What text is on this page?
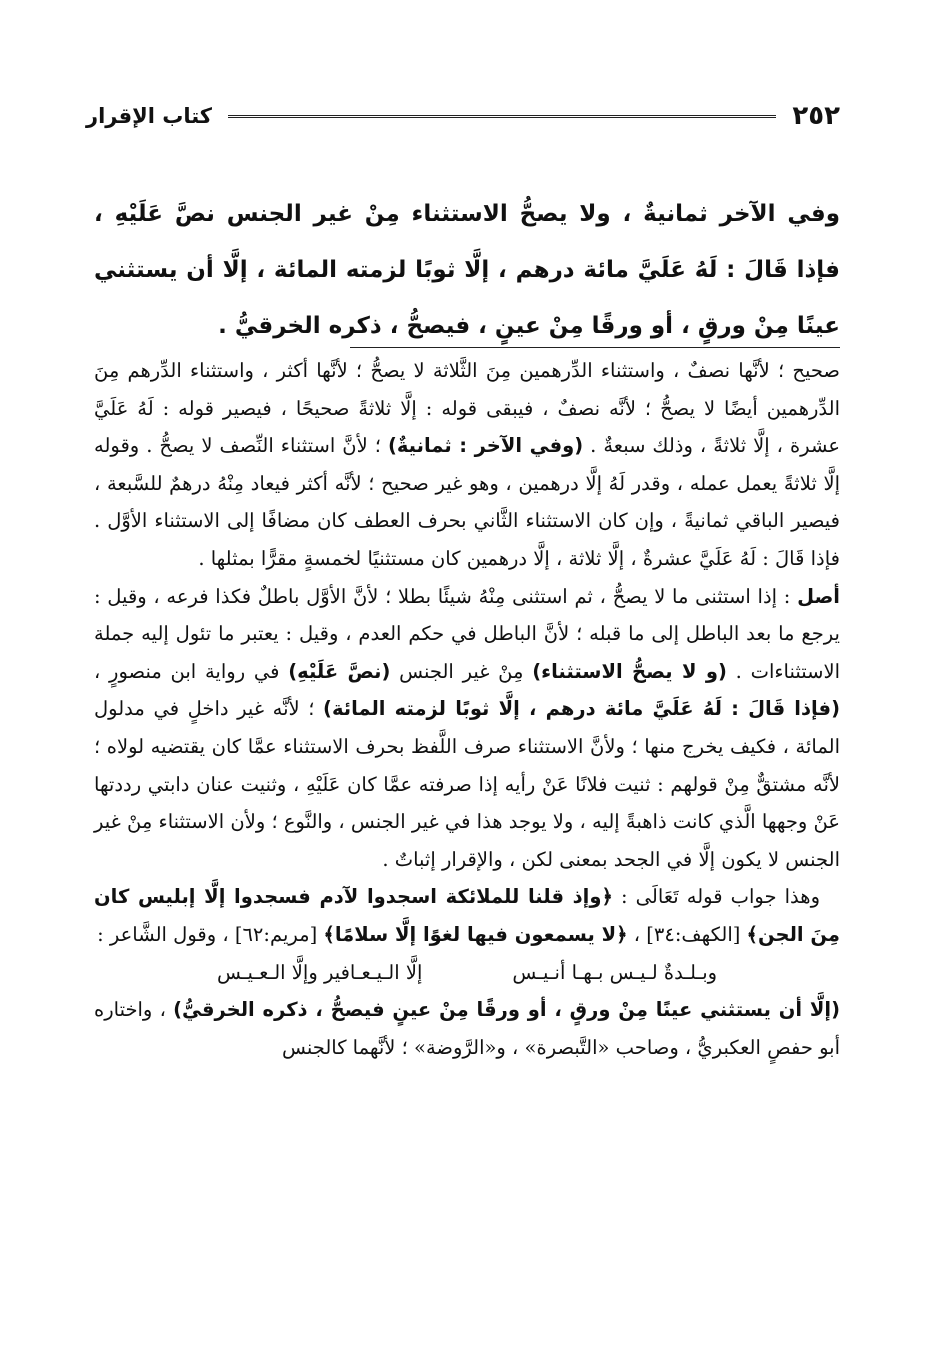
٢٥٢
كتاب الإقرار

وفي الآخر ثمانيةٌ ، ولا يصحُّ الاستثناء مِنْ غير الجنس نصَّ عَلَيْهِ ، فإذا قَالَ : لَهُ عَلَيَّ مائة درهم ، إلَّا ثوبًا لزمته المائة ، إلَّا أن يستثني عينًا مِنْ ورقٍ ، أو ورقًا مِنْ عينٍ ، فيصحُّ ، ذكره الخرقيُّ .

صحيح ؛ لأنَّها نصفٌ ، واستثناء الدِّرهمين مِنَ الثَّلاثة لا يصحُّ ؛ لأنَّها أكثر ، واستثناء الدِّرهم مِنَ الدِّرهمين أيضًا لا يصحُّ ؛ لأنَّه نصفٌ ، فيبقى قوله : إلَّا ثلاثةً صحيحًا ، فيصير قوله : لَهُ عَلَيَّ عشرة ، إلَّا ثلاثةً ، وذلك سبعةٌ . (وفي الآخر : ثمانيةٌ) ؛ لأنَّ استثناء النِّصف لا يصحُّ . وقوله إلَّا ثلاثةً يعمل عمله ، وقدر لَهُ إلَّا درهمين ، وهو غير صحيح ؛ لأنَّه أكثر فيعاد مِنْهُ درهمٌ للسَّبعة ، فيصير الباقي ثمانيةً ، وإن كان الاستثناء الثَّاني بحرف العطف كان مضافًا إلى الاستثناء الأوَّل . فإذا قَالَ : لَهُ عَلَيَّ عشرةٌ ، إلَّا ثلاثة ، إلَّا درهمين كان مستثنيًا لخمسةٍ مقرًّا بمثلها .

أصل : إذا استثنى ما لا يصحُّ ، ثم استثنى مِنْهُ شيئًا بطلا ؛ لأنَّ الأوَّل باطلٌ فكذا فرعه ، وقيل : يرجع ما بعد الباطل إلى ما قبله ؛ لأنَّ الباطل في حكم العدم ، وقيل : يعتبر ما تئول إليه جملة الاستثناءات . (و لا يصحُّ الاستثناء) مِنْ غير الجنس (نصَّ عَلَيْهِ) في رواية ابن منصورٍ ، (فإذا قَالَ : لَهُ عَلَيَّ مائة درهم ، إلَّا ثوبًا لزمته المائة) ؛ لأنَّه غير داخلٍ في مدلول المائة ، فكيف يخرج منها ؛ ولأنَّ الاستثناء صرف اللَّفظ بحرف الاستثناء عمَّا كان يقتضيه لولاه ؛ لأنَّه مشتقٌّ مِنْ قولهم : ثنيت فلانًا عَنْ رأيه إذا صرفته عمَّا كان عَلَيْهِ ، وثنيت عنان دابتي رددتها عَنْ وجهها الَّذي كانت ذاهبةً إليه ، ولا يوجد هذا في غير الجنس ، والنَّوع ؛ ولأن الاستثناء مِنْ غير الجنس لا يكون إلَّا في الجحد بمعنى لكن ، والإقرار إثباتٌ .

وهذا جواب قوله تَعَالَى : ﴿وإذ قلنا للملائكة اسجدوا لآدم فسجدوا إلَّا إبليس كان مِنَ الجن﴾ [الكهف:٣٤] ، ﴿لا يسمعون فيها لغوًا إلَّا سلامًا﴾ [مريم:٦٢] ، وقول الشَّاعر :

وبـلـدةٌ لـيـس بـهـا أنـيـس
إلَّا الـيـعـافير وإلَّا الـعـيـس

(إلَّا أن يستثني عينًا مِنْ ورقٍ ، أو ورقًا مِنْ عينٍ فيصحُّ ، ذكره الخرقيُّ) ، واختاره أبو حفصٍ العكبريُّ ، وصاحب «التَّبصرة» ، و«الرَّوضة» ؛ لأنَّهما كالجنس
